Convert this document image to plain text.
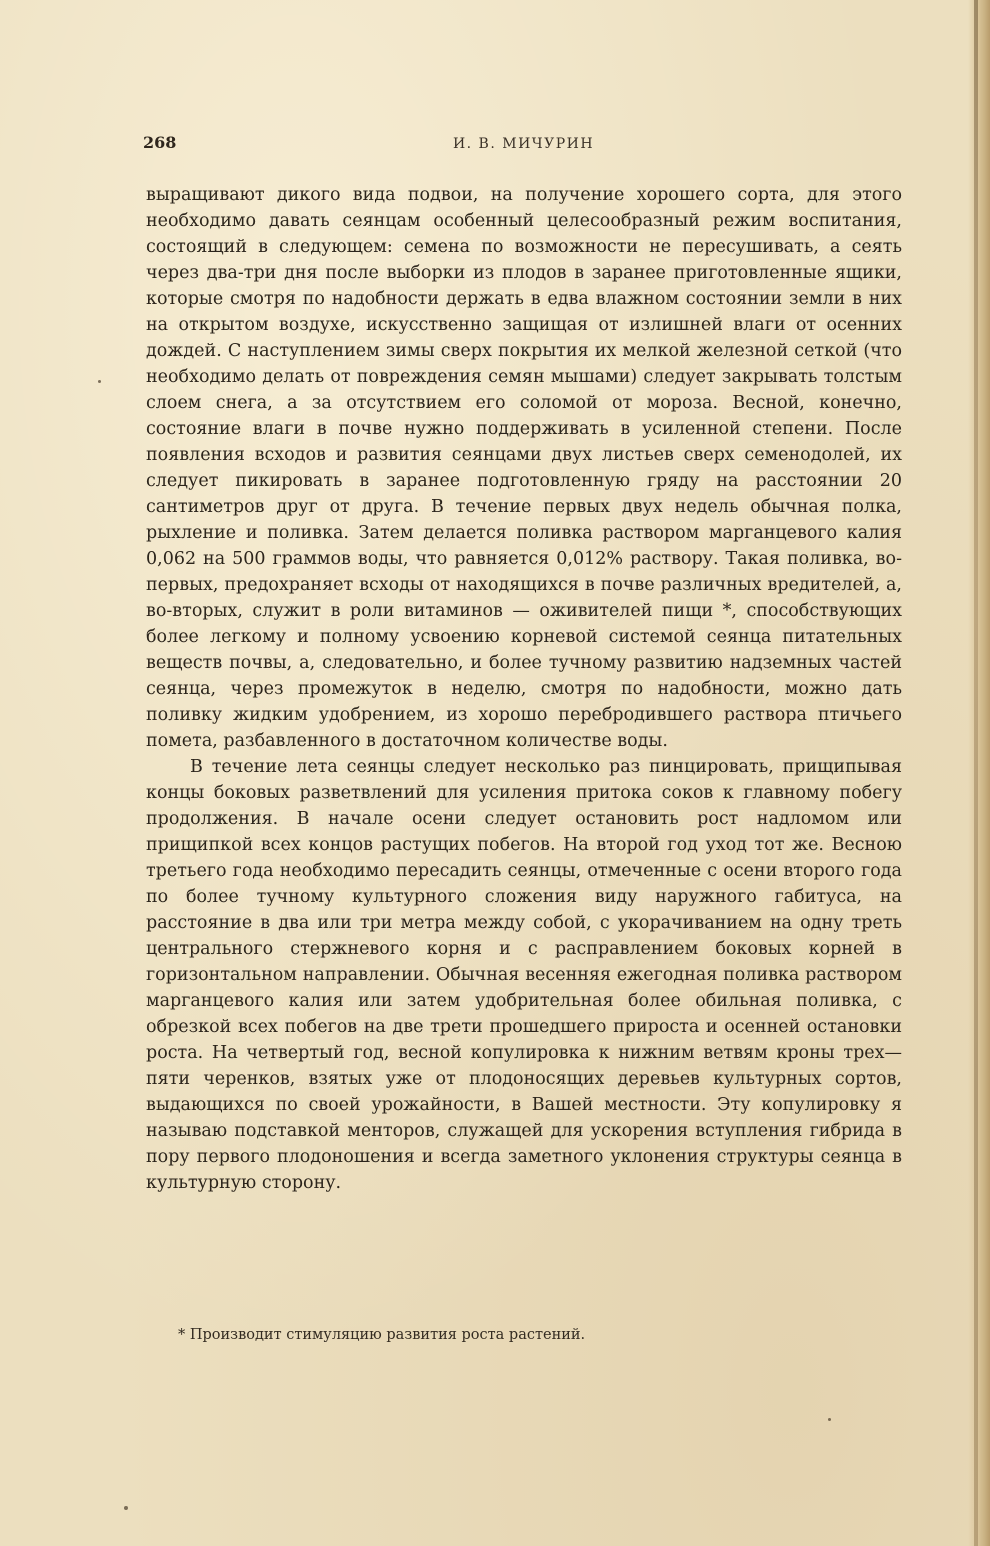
268	И. В. МИЧУРИН

выращивают дикого вида подвои, на получение хорошего сорта, для этого необходимо давать сеянцам особенный целесообразный режим воспитания, состоящий в следующем: семена по возможности не пересушивать, а сеять через два-три дня после выборки из плодов в заранее приготовленные ящики, которые смотря по надобности держать в едва влажном состоянии земли в них на открытом воздухе, искусственно защищая от излишней влаги от осенних дождей. С наступлением зимы сверх покрытия их мелкой железной сеткой (что необходимо делать от повреждения семян мышами) следует закрывать толстым слоем снега, а за отсутствием его соломой от мороза. Весной, конечно, состояние влаги в почве нужно поддерживать в усиленной степени. После появления всходов и развития сеянцами двух листьев сверх семенодолей, их следует пикировать в заранее подготовленную гряду на расстоянии 20 сантиметров друг от друга. В течение первых двух недель обычная полка, рыхление и поливка. Затем делается поливка раствором марганцевого калия 0,062 на 500 граммов воды, что равняется 0,012% раствору. Такая поливка, во-первых, предохраняет всходы от находящихся в почве различных вредителей, а, во-вторых, служит в роли витаминов — оживителей пищи *, способствующих более легкому и полному усвоению корневой системой сеянца питательных веществ почвы, а, следовательно, и более тучному развитию надземных частей сеянца, через промежуток в неделю, смотря по надобности, можно дать поливку жидким удобрением, из хорошо перебродившего раствора птичьего помета, разбавленного в достаточном количестве воды.

В течение лета сеянцы следует несколько раз пинцировать, прищипывая концы боковых разветвлений для усиления притока соков к главному побегу продолжения. В начале осени следует остановить рост надломом или прищипкой всех концов растущих побегов. На второй год уход тот же. Весною третьего года необходимо пересадить сеянцы, отмеченные с осени второго года по более тучному культурного сложения виду наружного габитуса, на расстояние в два или три метра между собой, с укорачиванием на одну треть центрального стержневого корня и с расправлением боковых корней в горизонтальном направлении. Обычная весенняя ежегодная поливка раствором марганцевого калия или затем удобрительная более обильная поливка, с обрезкой всех побегов на две трети прошедшего прироста и осенней остановки роста. На четвертый год, весной копулировка к нижним ветвям кроны трех—пяти черенков, взятых уже от плодоносящих деревьев культурных сортов, выдающихся по своей урожайности, в Вашей местности. Эту копулировку я называю подставкой менторов, служащей для ускорения вступления гибрида в пору первого плодоношения и всегда заметного уклонения структуры сеянца в культурную сторону.

* Производит стимуляцию развития роста растений.
